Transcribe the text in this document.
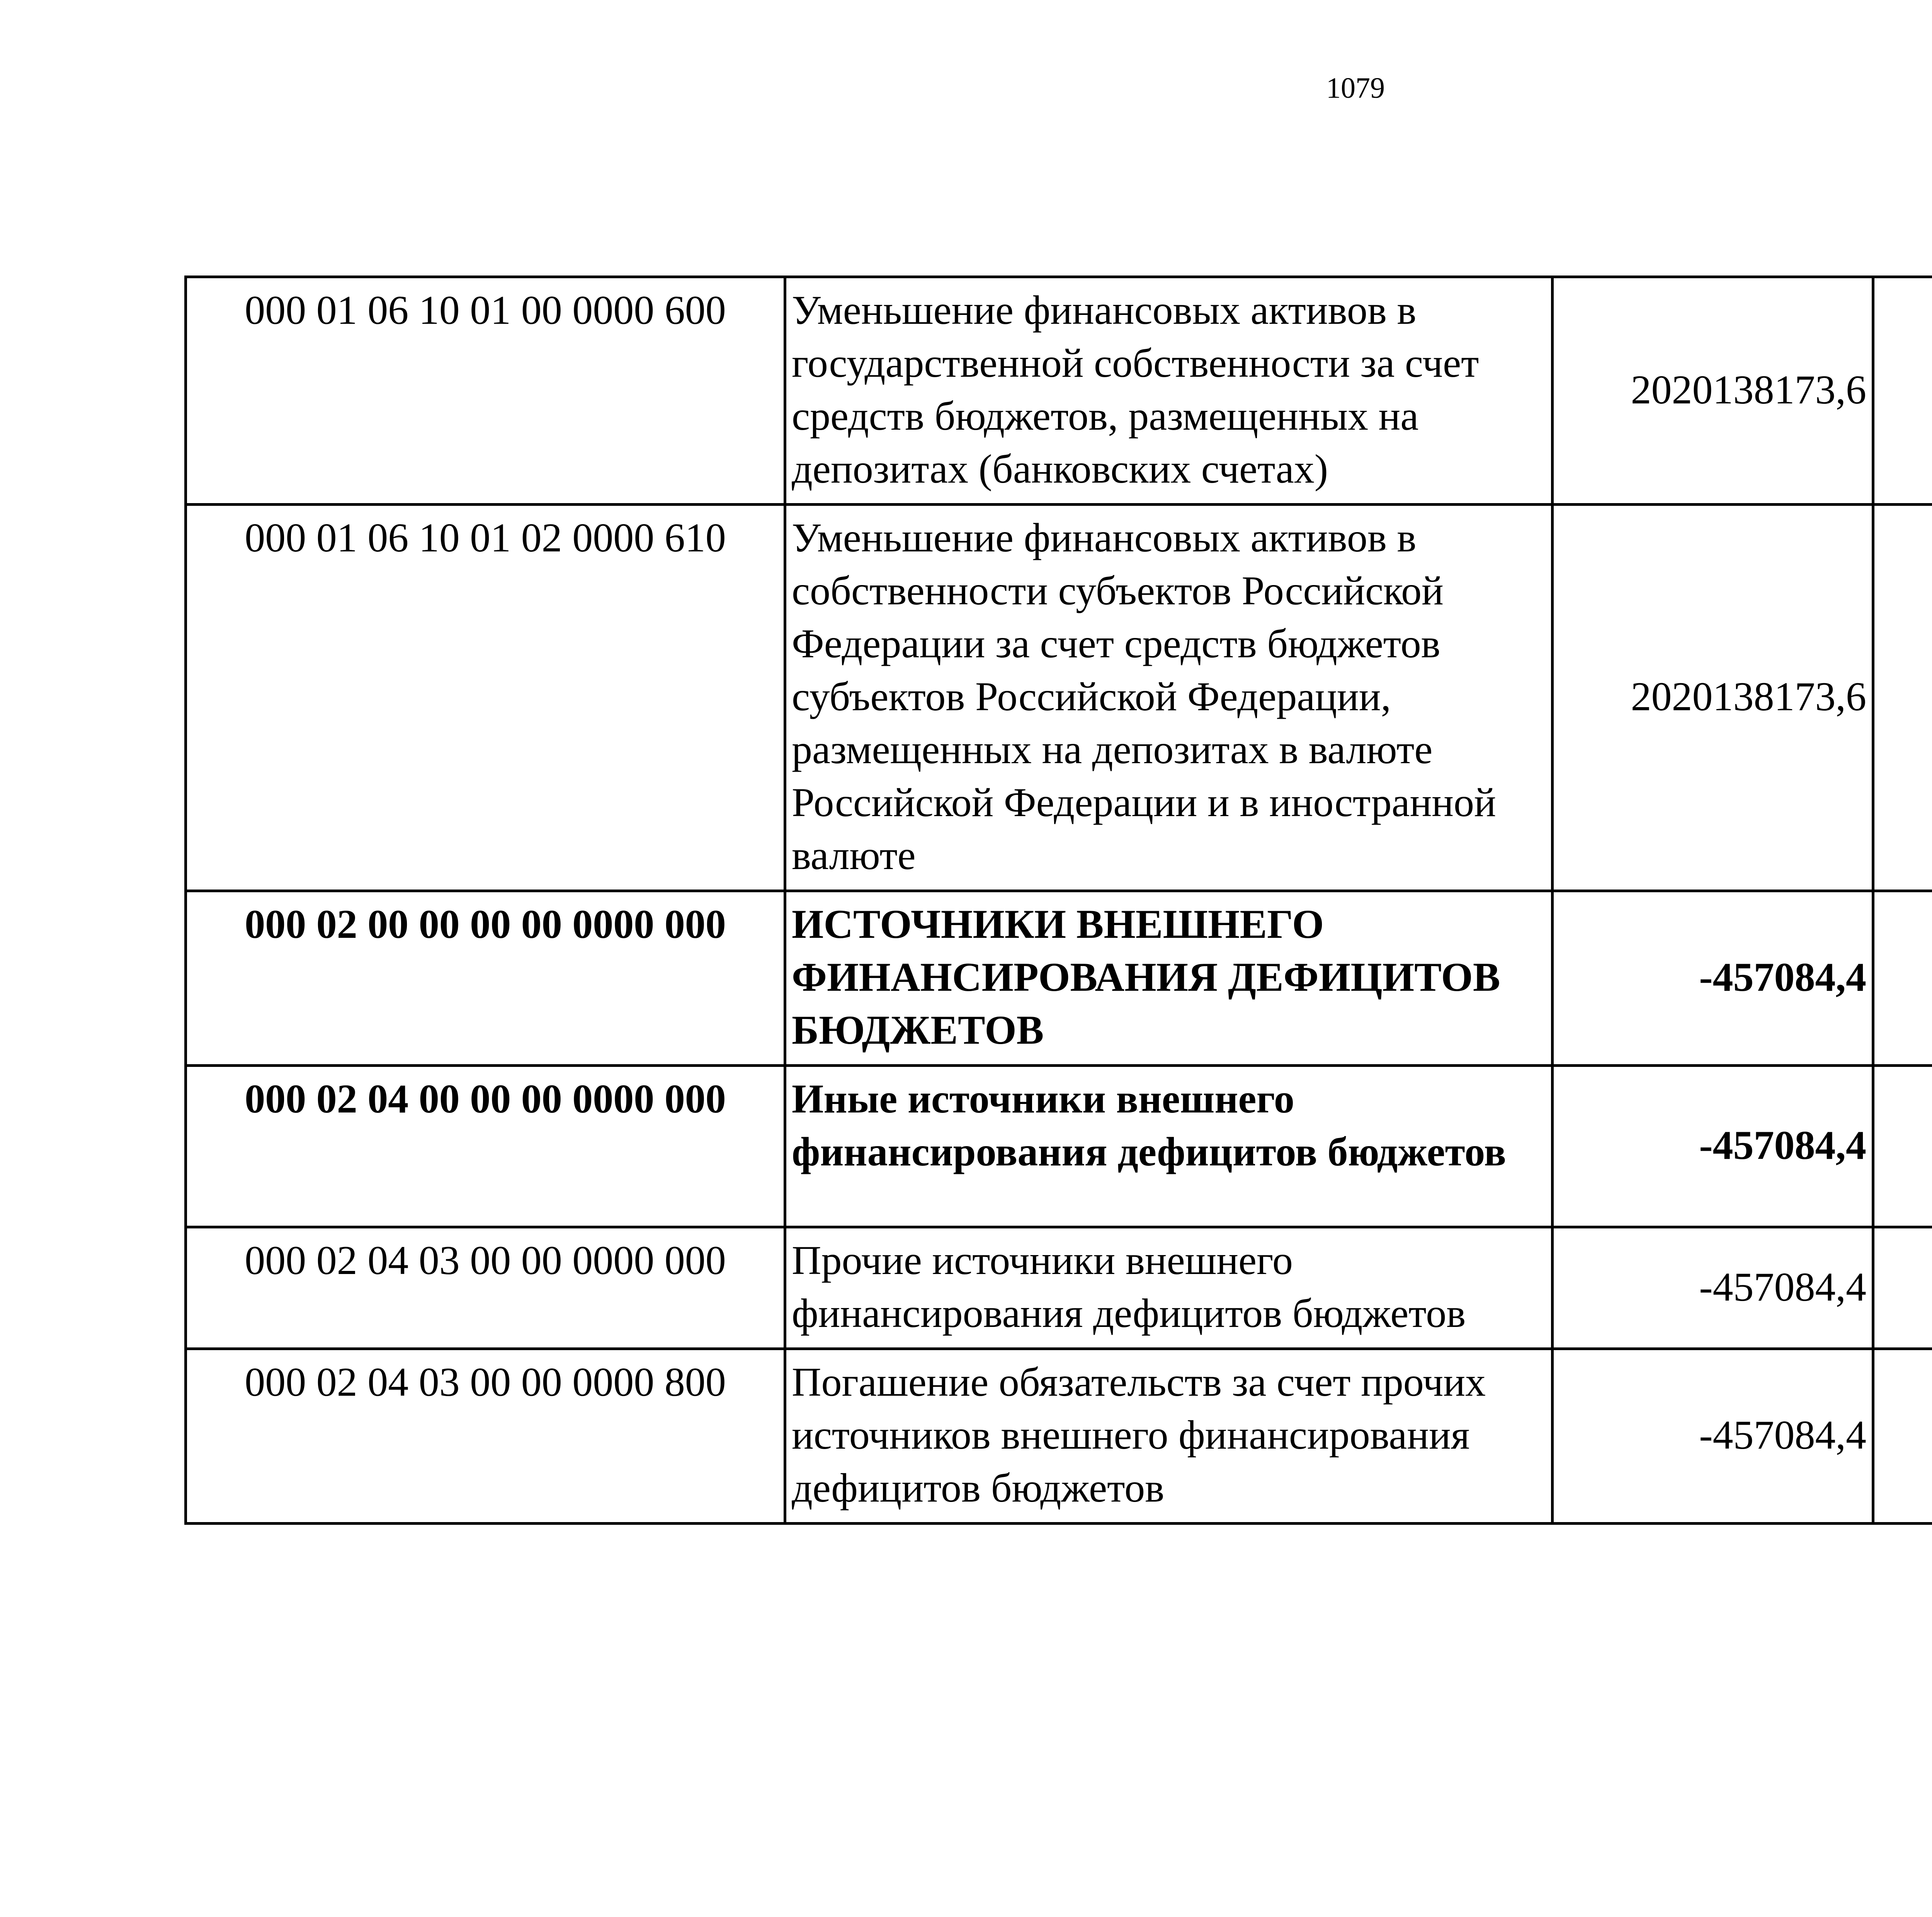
1079
000 01 06 10 01 00 0000 600	Уменьшение финансовых активов в государственной собственности за счет средств бюджетов, размещенных на депозитах (банковских счетах)	2020138173,6		
000 01 06 10 01 02 0000 610	Уменьшение финансовых активов в собственности субъектов Российской Федерации за счет средств бюджетов субъектов Российской Федерации, размещенных на депозитах в валюте Российской Федерации и в иностранной валюте	2020138173,6		
000 02 00 00 00 00 0000 000	ИСТОЧНИКИ ВНЕШНЕГО ФИНАНСИРОВАНИЯ ДЕФИЦИТОВ БЮДЖЕТОВ	-457084,4		
000 02 04 00 00 00 0000 000	Иные источники внешнего финансирования дефицитов бюджетов	-457084,4		
000 02 04 03 00 00 0000 000	Прочие источники внешнего финансирования дефицитов бюджетов	-457084,4		
000 02 04 03 00 00 0000 800	Погашение обязательств за счет прочих источников внешнего финансирования дефицитов бюджетов	-457084,4		
